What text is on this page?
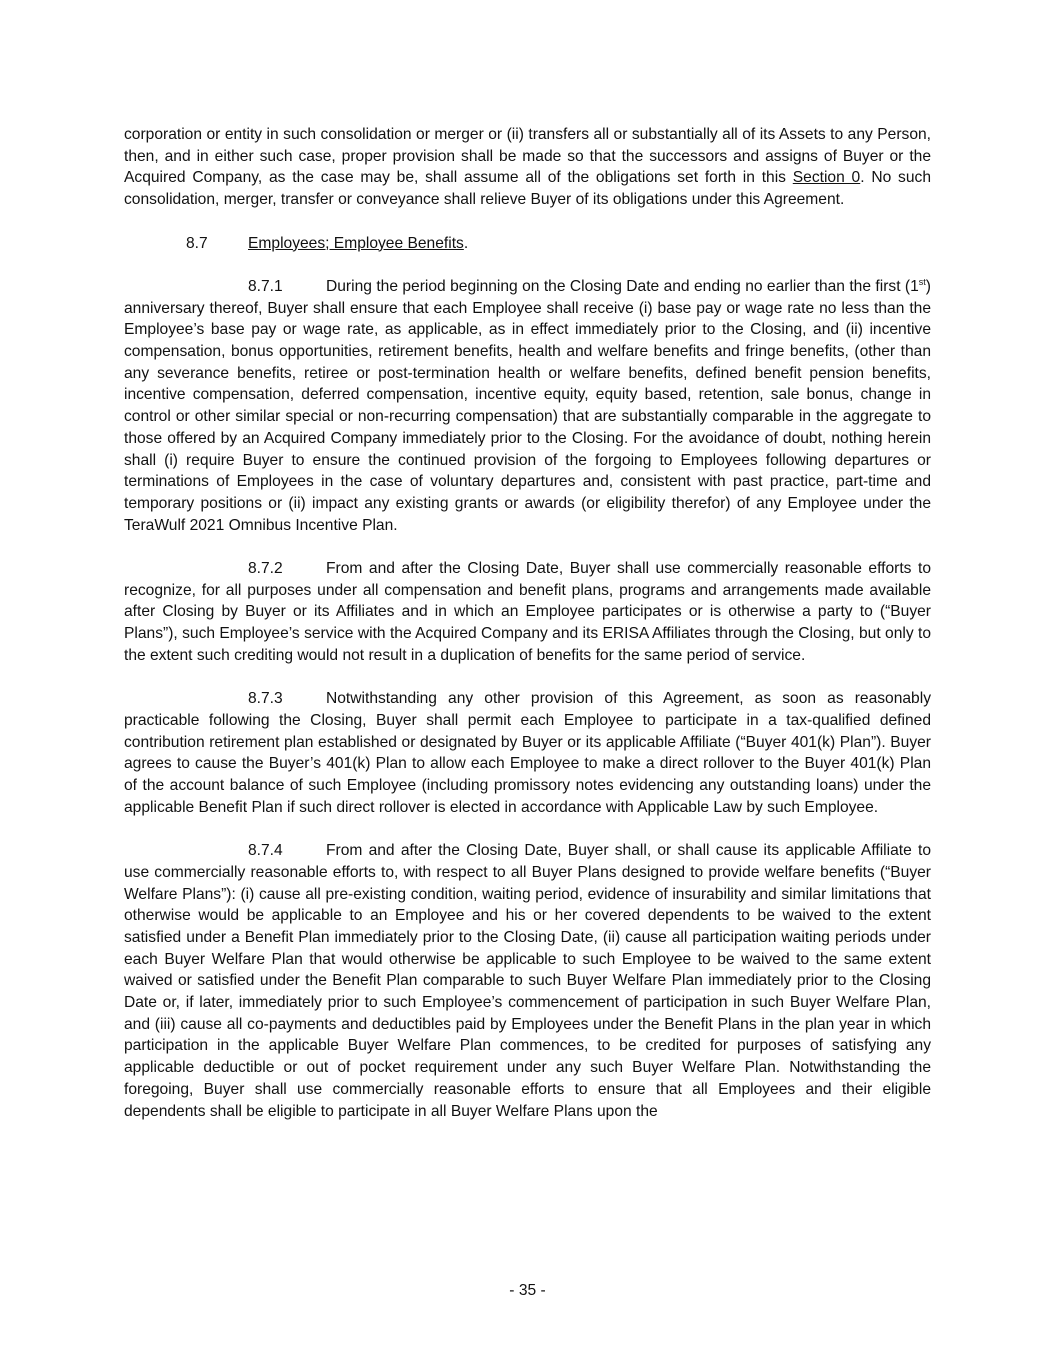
corporation or entity in such consolidation or merger or (ii) transfers all or substantially all of its Assets to any Person, then, and in either such case, proper provision shall be made so that the successors and assigns of Buyer or the Acquired Company, as the case may be, shall assume all of the obligations set forth in this Section 0. No such consolidation, merger, transfer or conveyance shall relieve Buyer of its obligations under this Agreement.

8.7	Employees; Employee Benefits.

8.7.1	During the period beginning on the Closing Date and ending no earlier than the first (1st) anniversary thereof, Buyer shall ensure that each Employee shall receive (i) base pay or wage rate no less than the Employee’s base pay or wage rate, as applicable, as in effect immediately prior to the Closing, and (ii) incentive compensation, bonus opportunities, retirement benefits, health and welfare benefits and fringe benefits, (other than any severance benefits, retiree or post-termination health or welfare benefits, defined benefit pension benefits, incentive compensation, deferred compensation, incentive equity, equity based, retention, sale bonus, change in control or other similar special or non-recurring compensation) that are substantially comparable in the aggregate to those offered by an Acquired Company immediately prior to the Closing. For the avoidance of doubt, nothing herein shall (i) require Buyer to ensure the continued provision of the forgoing to Employees following departures or terminations of Employees in the case of voluntary departures and, consistent with past practice, part-time and temporary positions or (ii) impact any existing grants or awards (or eligibility therefor) of any Employee under the TeraWulf 2021 Omnibus Incentive Plan.

8.7.2	From and after the Closing Date, Buyer shall use commercially reasonable efforts to recognize, for all purposes under all compensation and benefit plans, programs and arrangements made available after Closing by Buyer or its Affiliates and in which an Employee participates or is otherwise a party to (“Buyer Plans”), such Employee’s service with the Acquired Company and its ERISA Affiliates through the Closing, but only to the extent such crediting would not result in a duplication of benefits for the same period of service.

8.7.3	Notwithstanding any other provision of this Agreement, as soon as reasonably practicable following the Closing, Buyer shall permit each Employee to participate in a tax-qualified defined contribution retirement plan established or designated by Buyer or its applicable Affiliate (“Buyer 401(k) Plan”). Buyer agrees to cause the Buyer’s 401(k) Plan to allow each Employee to make a direct rollover to the Buyer 401(k) Plan of the account balance of such Employee (including promissory notes evidencing any outstanding loans) under the applicable Benefit Plan if such direct rollover is elected in accordance with Applicable Law by such Employee.

8.7.4	From and after the Closing Date, Buyer shall, or shall cause its applicable Affiliate to use commercially reasonable efforts to, with respect to all Buyer Plans designed to provide welfare benefits (“Buyer Welfare Plans”): (i) cause all pre-existing condition, waiting period, evidence of insurability and similar limitations that otherwise would be applicable to an Employee and his or her covered dependents to be waived to the extent satisfied under a Benefit Plan immediately prior to the Closing Date, (ii) cause all participation waiting periods under each Buyer Welfare Plan that would otherwise be applicable to such Employee to be waived to the same extent waived or satisfied under the Benefit Plan comparable to such Buyer Welfare Plan immediately prior to the Closing Date or, if later, immediately prior to such Employee’s commencement of participation in such Buyer Welfare Plan, and (iii) cause all co-payments and deductibles paid by Employees under the Benefit Plans in the plan year in which participation in the applicable Buyer Welfare Plan commences, to be credited for purposes of satisfying any applicable deductible or out of pocket requirement under any such Buyer Welfare Plan. Notwithstanding the foregoing, Buyer shall use commercially reasonable efforts to ensure that all Employees and their eligible dependents shall be eligible to participate in all Buyer Welfare Plans upon the

- 35 -
